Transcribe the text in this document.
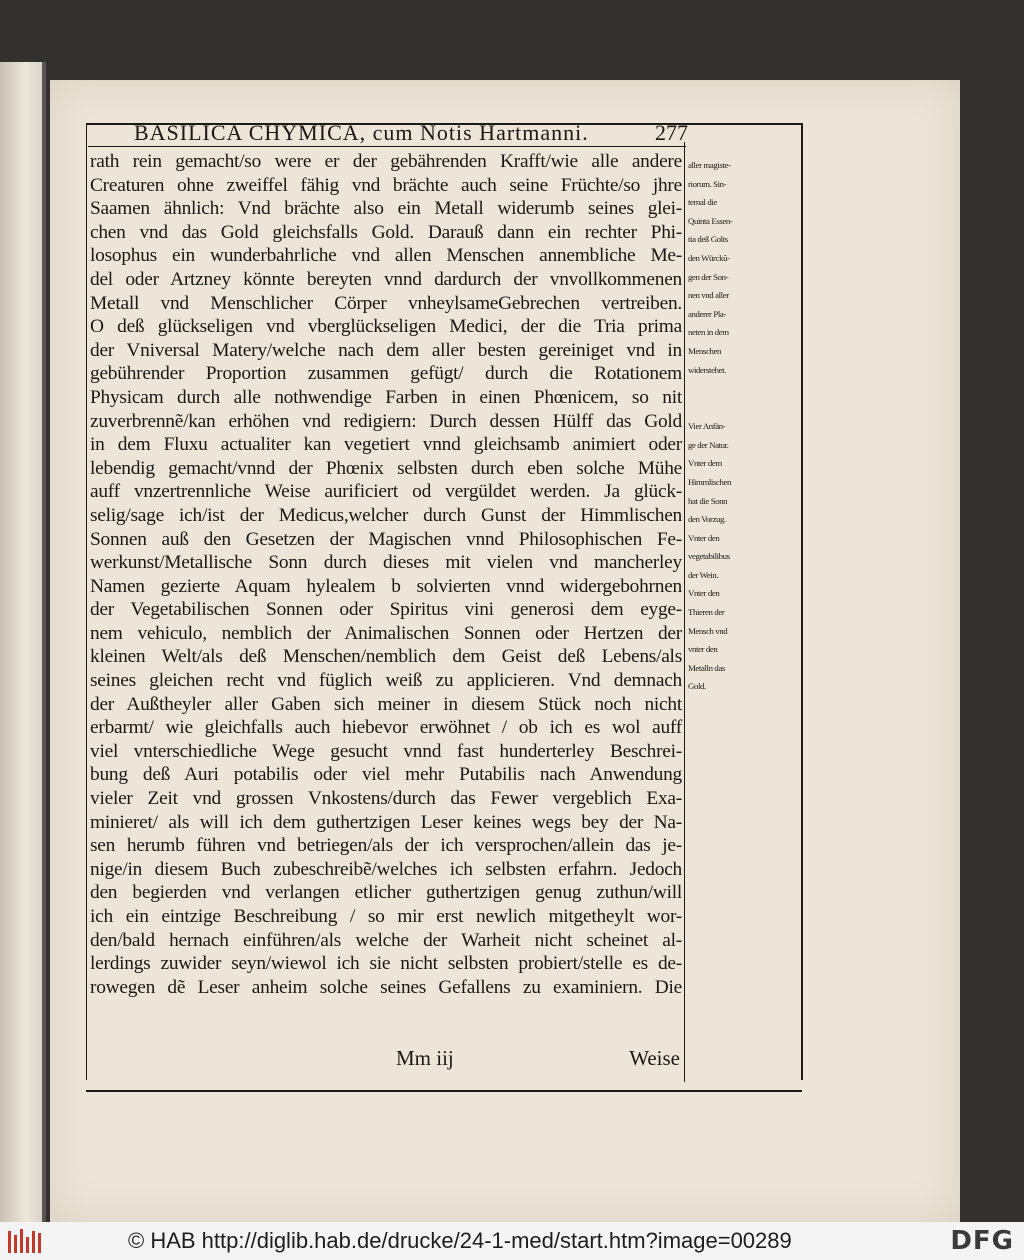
BASILICA CHYMICA, cum Notis Hartmanni.	277
rath rein gemacht/so were er der gebährenden Krafft/wie alle andere
Creaturen ohne zweiffel fähig vnd brächte auch seine Früchte/so jhre
Saamen ähnlich: Vnd brächte also ein Metall widerumb seines glei-
chen vnd das Gold gleichsfalls Gold. Darauß dann ein rechter Phi-
losophus ein wunderbahrliche vnd allen Menschen annembliche Me-
del oder Artzney könnte bereyten vnnd dardurch der vnvollkommenen
Metall vnd Menschlicher Cörper vnheylsameGebrechen vertreiben.
O deß glückseligen vnd vberglückseligen Medici, der die Tria prima
der Vniversal Matery/welche nach dem aller besten gereiniget vnd in
gebührender Proportion zusammen gefügt/ durch die Rotationem
Physicam durch alle nothwendige Farben in einen Phœnicem, so nit
zuverbrennẽ/kan erhöhen vnd redigiern: Durch dessen Hülff das Gold
in dem Fluxu actualiter kan vegetiert vnnd gleichsamb animiert oder
lebendig gemacht/vnnd der Phœnix selbsten durch eben solche Mühe
auff vnzertrennliche Weise aurificiert od vergüldet werden. Ja glück-
selig/sage ich/ist der Medicus,welcher durch Gunst der Himmlischen
Sonnen auß den Gesetzen der Magischen vnnd Philosophischen Fe-
werkunst/Metallische Sonn durch dieses mit vielen vnd mancherley
Namen gezierte Aquam hylealem b solvierten vnnd widergebohrnen
der Vegetabilischen Sonnen oder Spiritus vini generosi dem eyge-
nem vehiculo, nemblich der Animalischen Sonnen oder Hertzen der
kleinen Welt/als deß Menschen/nemblich dem Geist deß Lebens/als
seines gleichen recht vnd füglich weiß zu applicieren. Vnd demnach
der Außtheyler aller Gaben sich meiner in diesem Stück noch nicht
erbarmt/ wie gleichfalls auch hiebevor erwöhnet / ob ich es wol auff
viel vnterschiedliche Wege gesucht vnnd fast hunderterley Beschrei-
bung deß Auri potabilis oder viel mehr Putabilis nach Anwendung
vieler Zeit vnd grossen Vnkostens/durch das Fewer vergeblich Exa-
minieret/ als will ich dem guthertzigen Leser keines wegs bey der Na-
sen herumb führen vnd betriegen/als der ich versprochen/allein das je-
nige/in diesem Buch zubeschreibẽ/welches ich selbsten erfahrn. Jedoch
den begierden vnd verlangen etlicher guthertzigen genug zuthun/will
ich ein eintzige Beschreibung / so mir erst newlich mitgetheylt wor-
den/bald hernach einführen/als welche der Warheit nicht scheinet al-
lerdings zuwider seyn/wiewol ich sie nicht selbsten probiert/stelle es de-
rowegen dẽ Leser anheim solche seines Gefallens zu examiniern. Die
aller magiste-
riorum. Sin-
temal die
Quinta Essen-
tia deß Golts
den Würckũ-
gen der Son-
nen vnd aller
anderer Pla-
neten in dem
Menschen
widerstehet.
Vier Anfän-
ge der Natur.
Vnter dem
Himmlischen
hat die Sonn
den Vorzug.
Vnter den
vegetabilibus
der Wein.
Vnter den
Thieren der
Mensch vnd
vnter den
Metalln das
Gold.
Mm iij	Weise
© HAB http://diglib.hab.de/drucke/24-1-med/start.htm?image=00289	DFG
